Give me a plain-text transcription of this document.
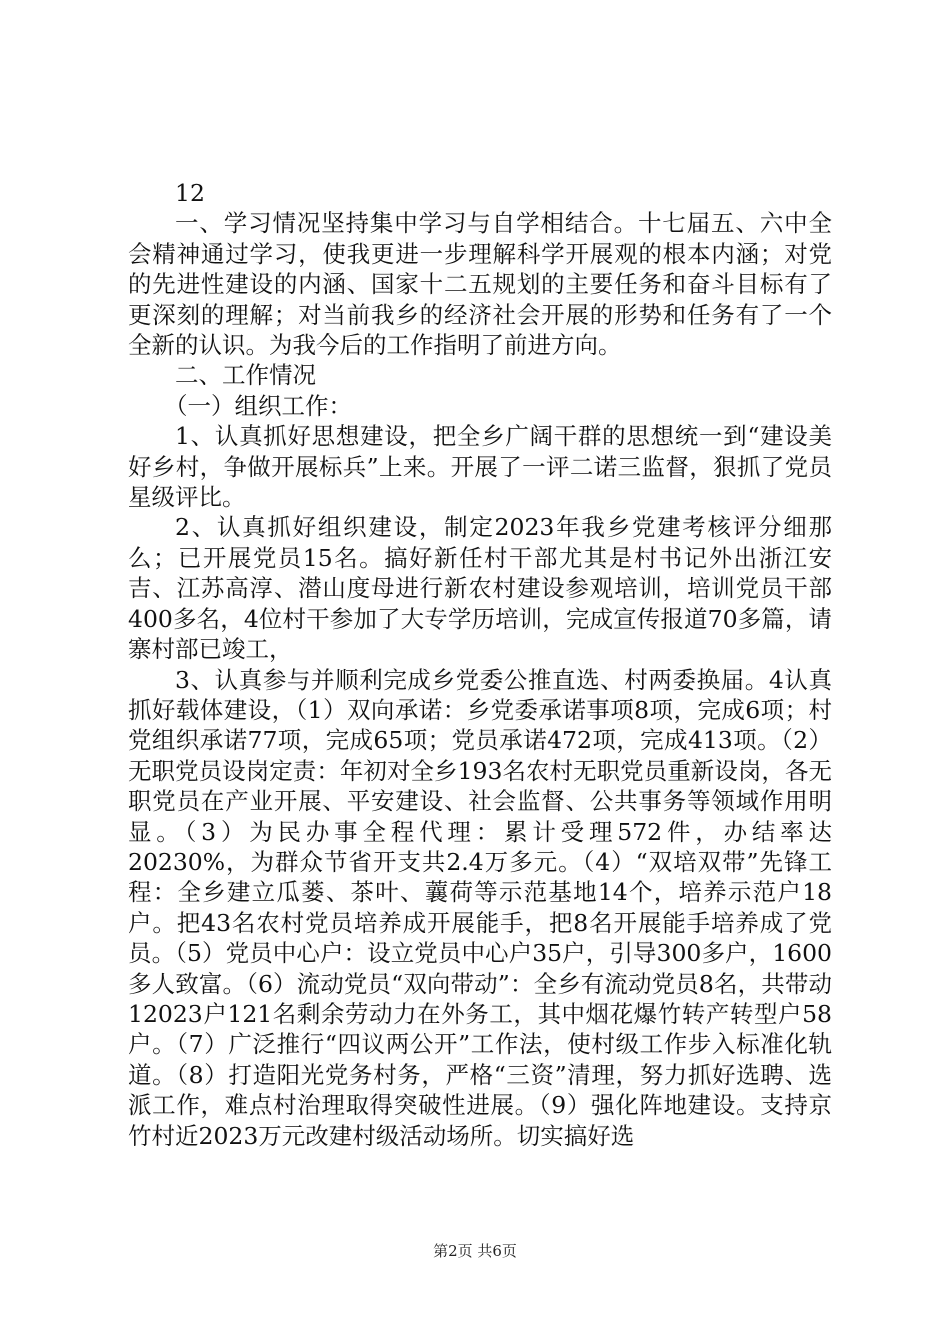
12

一、学习情况坚持集中学习与自学相结合。十七届五、六中全会精神通过学习，使我更进一步理解科学开展观的根本内涵；对党的先进性建设的内涵、国家十二五规划的主要任务和奋斗目标有了更深刻的理解；对当前我乡的经济社会开展的形势和任务有了一个全新的认识。为我今后的工作指明了前进方向。

二、工作情况

（一）组织工作：

1、认真抓好思想建设，把全乡广阔干群的思想统一到“建设美好乡村，争做开展标兵”上来。开展了一评二诺三监督，狠抓了党员星级评比。

2、认真抓好组织建设，制定2023年我乡党建考核评分细那么；已开展党员15名。搞好新任村干部尤其是村书记外出浙江安吉、江苏高淳、潜山度母进行新农村建设参观培训，培训党员干部400多名，4位村干参加了大专学历培训，完成宣传报道70多篇，请寨村部已竣工，

3、认真参与并顺利完成乡党委公推直选、村两委换届。4认真抓好载体建设，（1）双向承诺：乡党委承诺事项8项，完成6项；村党组织承诺77项，完成65项；党员承诺472项，完成413项。（2）无职党员设岗定责：年初对全乡193名农村无职党员重新设岗，各无职党员在产业开展、平安建设、社会监督、公共事务等领域作用明显。（3）为民办事全程代理：累计受理572件，办结率达20230%，为群众节省开支共2.4万多元。（4）“双培双带”先锋工程：全乡建立瓜蒌、茶叶、蘘荷等示范基地14个，培养示范户18户。把43名农村党员培养成开展能手，把8名开展能手培养成了党员。（5）党员中心户：设立党员中心户35户，引导300多户，1600多人致富。（6）流动党员“双向带动”：全乡有流动党员8名，共带动12023户121名剩余劳动力在外务工，其中烟花爆竹转产转型户58户。（7）广泛推行“四议两公开”工作法，使村级工作步入标准化轨道。（8）打造阳光党务村务，严格“三资”清理，努力抓好选聘、选派工作，难点村治理取得突破性进展。（9）强化阵地建设。支持京竹村近2023万元改建村级活动场所。切实搞好选

第2页 共6页
